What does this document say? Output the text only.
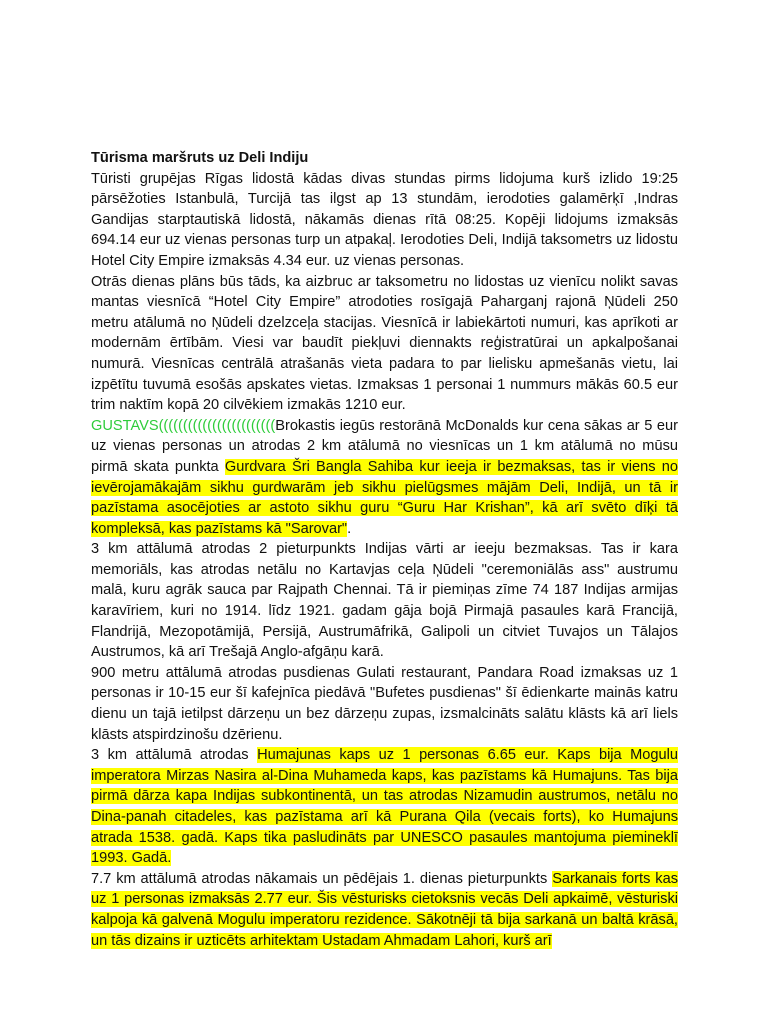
Tūrisma maršruts uz Deli Indiju

Tūristi grupējas Rīgas lidostā kādas divas stundas pirms lidojuma kurš izlido 19:25 pārsēžoties Istanbulā, Turcijā tas ilgst ap 13 stundām, ierodoties galamērķī ,Indras Gandijas starptautiskā lidostā, nākamās dienas rītā 08:25. Kopēji lidojums izmaksās 694.14 eur uz vienas personas turp un atpakaļ. Ierodoties Deli, Indijā taksometrs uz lidostu Hotel City Empire izmaksās 4.34 eur. uz vienas personas.

Otrās dienas plāns būs tāds, ka aizbruc ar taksometru no lidostas uz vienīcu nolikt savas mantas viesnīcā “Hotel City Empire” atrodoties rosīgajā Paharganj rajonā Ņūdeli 250 metru atālumā no Ņūdeli dzelzceļa stacijas. Viesnīcā ir labiekārtoti numuri, kas aprīkoti ar modernām ērtībām. Viesi var baudīt piekļuvi diennakts reģistratūrai un apkalpošanai numurā. Viesnīcas centrālā atrašanās vieta padara to par lielisku apmešanās vietu, lai izpētītu tuvumā esošās apskates vietas. Izmaksas 1 personai 1 nummurs mākās 60.5 eur trim naktīm kopā 20 cilvēkiem izmakās 1210 eur.

GUSTAVS((((((((((((((((((((((((Brokastis iegūs restorānā McDonalds kur cena sākas ar 5 eur uz vienas personas un atrodas 2 km atālumā no viesnīcas un 1 km atālumā no mūsu pirmā skata punkta Gurdvara Šri Bangla Sahiba kur ieeja ir bezmaksas, tas ir viens no ievērojamākajām sikhu gurdwarām jeb sikhu pielūgsmes mājām Deli, Indijā, un tā ir pazīstama asocējoties ar astoto sikhu guru “Guru Har Krishan”, kā arī svēto dīķi tā kompleksā, kas pazīstams kā "Sarovar".

3 km attālumā atrodas 2 pieturpunkts Indijas vārti ar ieeju bezmaksas. Tas ir kara memoriāls, kas atrodas netālu no Kartavjas ceļa Ņūdeli "ceremoniālās ass" austrumu malā, kuru agrāk sauca par Rajpath Chennai. Tā ir piemiņas zīme 74 187 Indijas armijas karavīriem, kuri no 1914. līdz 1921. gadam gāja bojā Pirmajā pasaules karā Francijā, Flandrijā, Mezopotāmijā, Persijā, Austrumāfrikā, Galipoli un citviet Tuvajos un Tālajos Austrumos, kā arī Trešajā Anglo-afgāņu karā.

900 metru attālumā atrodas pusdienas Gulati restaurant, Pandara Road izmaksas uz 1 personas ir 10-15 eur šī kafejnīca piedāvā "Bufetes pusdienas" šī ēdienkarte mainās katru dienu un tajā ietilpst dārzeņu un bez dārzeņu zupas, izsmalcināts salātu klāsts kā arī liels klāsts atspirdzinošu dzērienu.

3 km attālumā atrodas Humajunas kaps uz 1 personas 6.65 eur. Kaps bija Mogulu imperatora Mirzas Nasira al-Dina Muhameda kaps, kas pazīstams kā Humajuns. Tas bija pirmā dārza kapa Indijas subkontinentā, un tas atrodas Nizamudin austrumos, netālu no Dina-panah citadeles, kas pazīstama arī kā Purana Qila (vecais forts), ko Humajuns atrada 1538. gadā. Kaps tika pasludināts par UNESCO pasaules mantojuma piemineklī 1993. Gadā.

7.7 km attālumā atrodas nākamais un pēdējais 1. dienas pieturpunkts Sarkanais forts kas uz 1 personas izmaksās 2.77 eur. Šis vēsturisks cietoksnis vecās Deli apkaimē, vēsturiski kalpoja kā galvenā Mogulu imperatoru rezidence. Sākotnēji tā bija sarkanā un baltā krāsā, un tās dizains ir uzticēts arhitektam Ustadam Ahmadam Lahori, kurš arī
